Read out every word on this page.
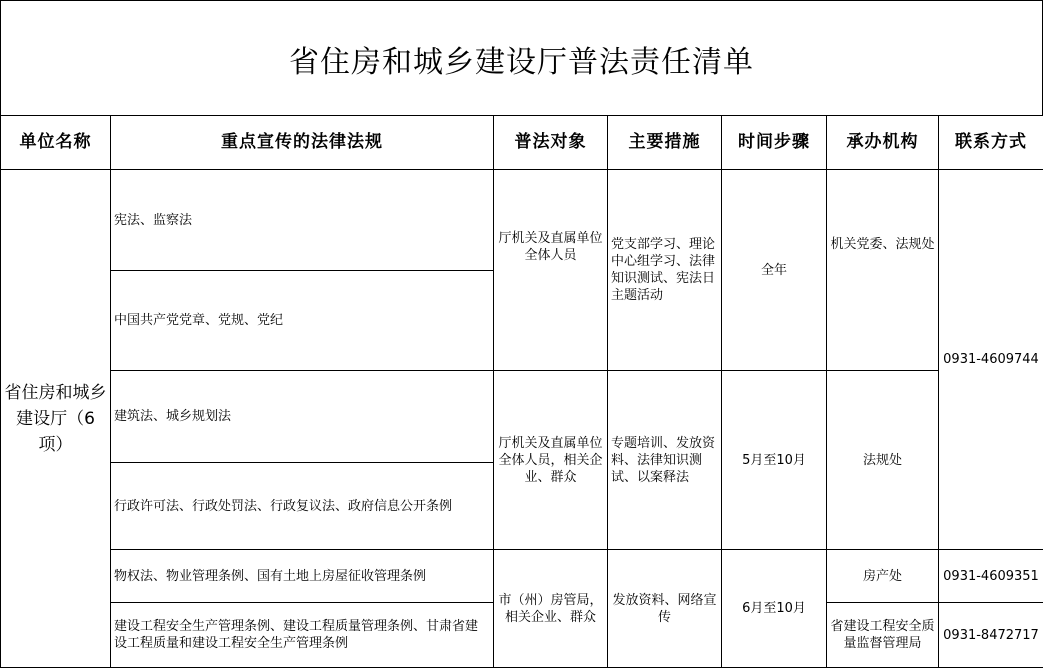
省住房和城乡建设厅普法责任清单
单位名称	重点宣传的法律法规	普法对象	主要措施	时间步骤	承办机构	联系方式
省住房和城乡建设厅（6项）	宪法、监察法	厅机关及直属单位全体人员	党支部学习、理论中心组学习、法律知识测试、宪法日主题活动	全年	机关党委、法规处	0931-4609744
	中国共产党党章、党规、党纪					
	建筑法、城乡规划法	厅机关及直属单位全体人员，相关企业、群众	专题培训、发放资料、法律知识测试、以案释法	5月至10月	法规处	
	行政许可法、行政处罚法、行政复议法、政府信息公开条例					
	物权法、物业管理条例、国有土地上房屋征收管理条例	市（州）房管局，相关企业、群众	发放资料、网络宣传	6月至10月	房产处	0931-4609351
	建设工程安全生产管理条例、建设工程质量管理条例、甘肃省建设工程质量和建设工程安全生产管理条例				省建设工程安全质量监督管理局	0931-8472717
